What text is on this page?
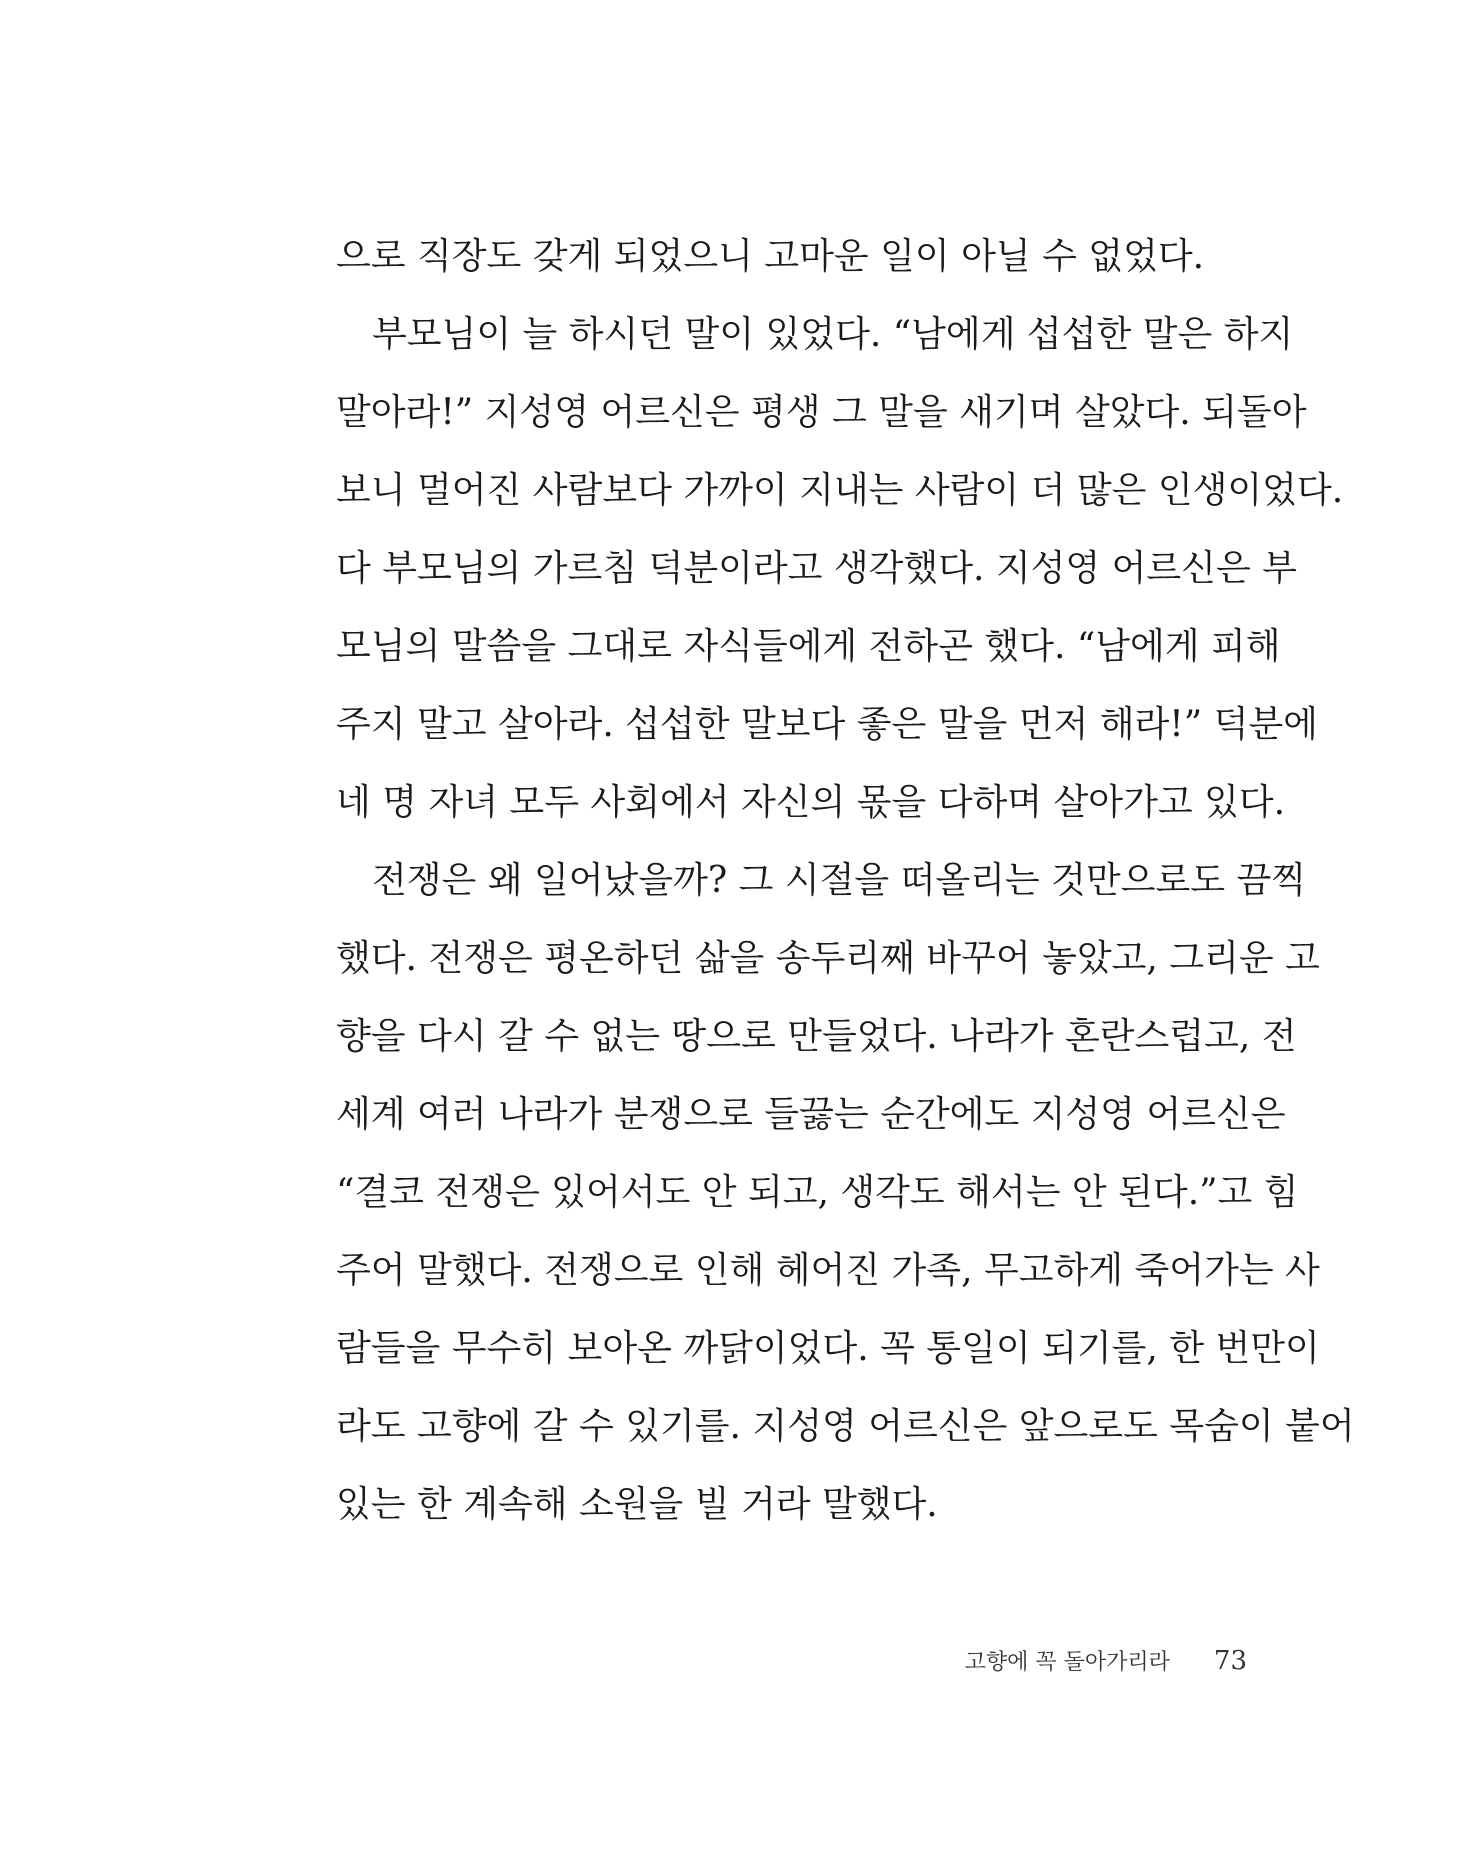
으로 직장도 갖게 되었으니 고마운 일이 아닐 수 없었다.

부모님이 늘 하시던 말이 있었다. “남에게 섭섭한 말은 하지
말아라!” 지성영 어르신은 평생 그 말을 새기며 살았다. 되돌아
보니 멀어진 사람보다 가까이 지내는 사람이 더 많은 인생이었다.
다 부모님의 가르침 덕분이라고 생각했다. 지성영 어르신은 부
모님의 말씀을 그대로 자식들에게 전하곤 했다. “남에게 피해
주지 말고 살아라. 섭섭한 말보다 좋은 말을 먼저 해라!” 덕분에
네 명 자녀 모두 사회에서 자신의 몫을 다하며 살아가고 있다.

전쟁은 왜 일어났을까? 그 시절을 떠올리는 것만으로도 끔찍
했다. 전쟁은 평온하던 삶을 송두리째 바꾸어 놓았고, 그리운 고
향을 다시 갈 수 없는 땅으로 만들었다. 나라가 혼란스럽고, 전
세계 여러 나라가 분쟁으로 들끓는 순간에도 지성영 어르신은
“결코 전쟁은 있어서도 안 되고, 생각도 해서는 안 된다.”고 힘
주어 말했다. 전쟁으로 인해 헤어진 가족, 무고하게 죽어가는 사
람들을 무수히 보아온 까닭이었다. 꼭 통일이 되기를, 한 번만이
라도 고향에 갈 수 있기를. 지성영 어르신은 앞으로도 목숨이 붙어
있는 한 계속해 소원을 빌 거라 말했다.

고향에 꼭 돌아가리라 73
